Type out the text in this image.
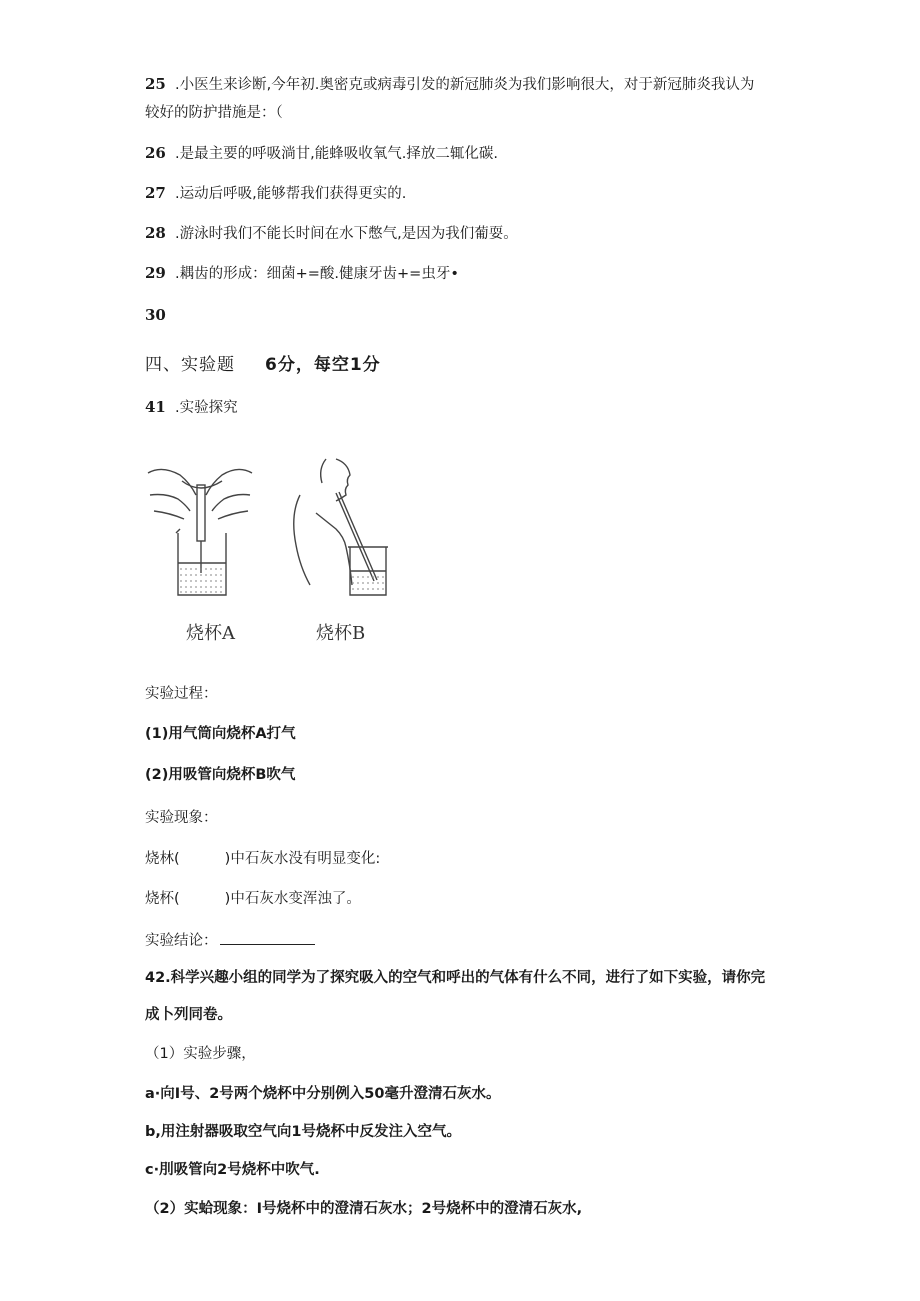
25 .小医生来诊断,今年初.奥密克或病毒引发的新冠肺炎为我们影响很大，对于新冠肺炎我认为
较好的防护措施是：（
26 .是最主要的呼吸淌甘,能蜂吸收氧气.择放二辄化碳.
27 .运动后呼吸,能够帮我们获得更实的.
28 .游泳时我们不能长时间在水下憋气,是因为我们葡耍。
29 .耦齿的形成：细菌+=酸.健康牙齿+=虫牙•
30
四、实验题 6分，每空1分
41 .实验探究
烧杯A	烧杯B
实验过程：
(1)用气筒向烧杯A打气
(2)用吸管向烧杯B吹气
实验现象：
烧林(	)中石灰水没有明显变化:
烧杯(	)中石灰水变浑浊了。
实验结论：
42.科学兴趣小组的同学为了探究吸入的空气和呼出的气体有什么不同，进行了如下实验，请你完
成卜列同卷。
（1）实验步骤，
a·向I号、2号两个烧杯中分别例入50毫升澄清石灰水。
b,用注射器吸取空气向1号烧杯中反发注入空气。
c·刖吸管向2号烧杯中吹气.
（2）实蛤现象：I号烧杯中的澄清石灰水；2号烧杯中的澄清石灰水,
